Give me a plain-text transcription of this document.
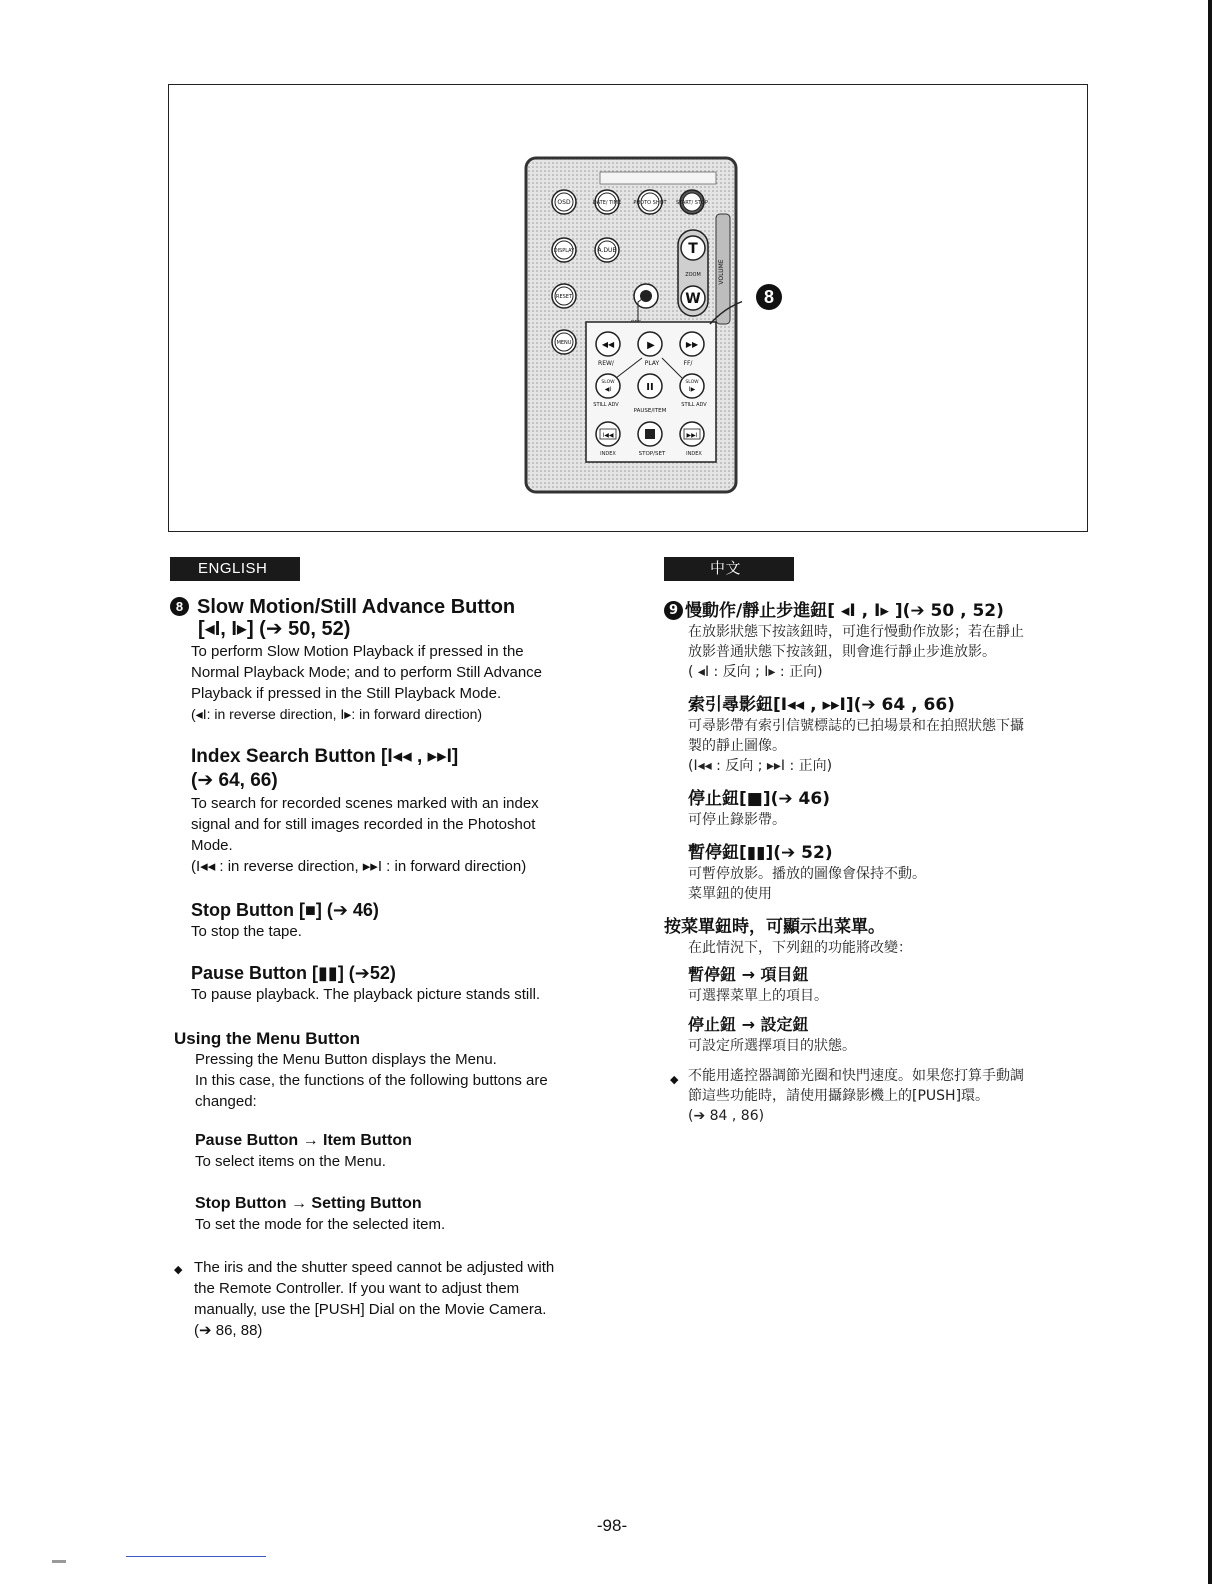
OSD	DATE/ TIME PHOTO SHOT START/ STOP
DISPLAY	A.DUB	T
ZOOM
W
VOLUME
RESET
MENU	◀◀	▶	▶▶
REW/	PLAY	FF/
SLOW
◀I	II	SLOW
I▶
STILL ADV
PAUSE/ITEM
STILL ADV
I◀◀	▶▶I
INDEX	STOP/SET	INDEX
8
ENGLISH	中文

8 Slow Motion/Still Advance Button

[◂I, I▸] (➔ 50, 52)

To perform Slow Motion Playback if pressed in the

Normal Playback Mode; and to perform Still Advance

Playback if pressed in the Still Playback Mode.

(◂I: in reverse direction, I▸: in forward direction)

Index Search Button [I◂◂ , ▸▸I]

(➔ 64, 66)

To search for recorded scenes marked with an index

signal and for still images recorded in the Photoshot

Mode.

(I◂◂ : in reverse direction, ▸▸I : in forward direction)

Stop Button [■] (➔ 46)

To stop the tape.

Pause Button [▮▮] (➔52)

To pause playback. The playback picture stands still.

Using the Menu Button

Pressing the Menu Button displays the Menu.

In this case, the functions of the following buttons are

changed:

Pause Button → Item Button

To select items on the Menu.

Stop Button → Setting Button

To set the mode for the selected item.

◆ The iris and the shutter speed cannot be adjusted with

the Remote Controller. If you want to adjust them

manually, use the [PUSH] Dial on the Movie Camera.

(➔ 86, 88)

9 慢動作/靜止步進鈕[ ◂I , I▸ ](➔ 50 , 52)

在放影狀態下按該鈕時，可進行慢動作放影；若在靜止

放影普通狀態下按該鈕，則會進行靜止步進放影。

( ◂I : 反向 ; I▸ : 正向)

索引尋影鈕[I◂◂ , ▸▸I](➔ 64 , 66)

可尋影帶有索引信號標誌的已拍場景和在拍照狀態下攝

製的靜止圖像。

(I◂◂ : 反向 ; ▸▸I : 正向)

停止鈕[■](➔ 46)

可停止錄影帶。

暫停鈕[▮▮](➔ 52)

可暫停放影。播放的圖像會保持不動。

菜單鈕的使用

按菜單鈕時，可顯示出菜單。

在此情況下，下列鈕的功能將改變：

暫停鈕 → 項目鈕

可選擇菜單上的項目。

停止鈕 → 設定鈕

可設定所選擇項目的狀態。

◆ 不能用遙控器調節光圈和快門速度。如果您打算手動調

節這些功能時，請使用攝錄影機上的[PUSH]環。

(➔ 84 , 86)

-98-
